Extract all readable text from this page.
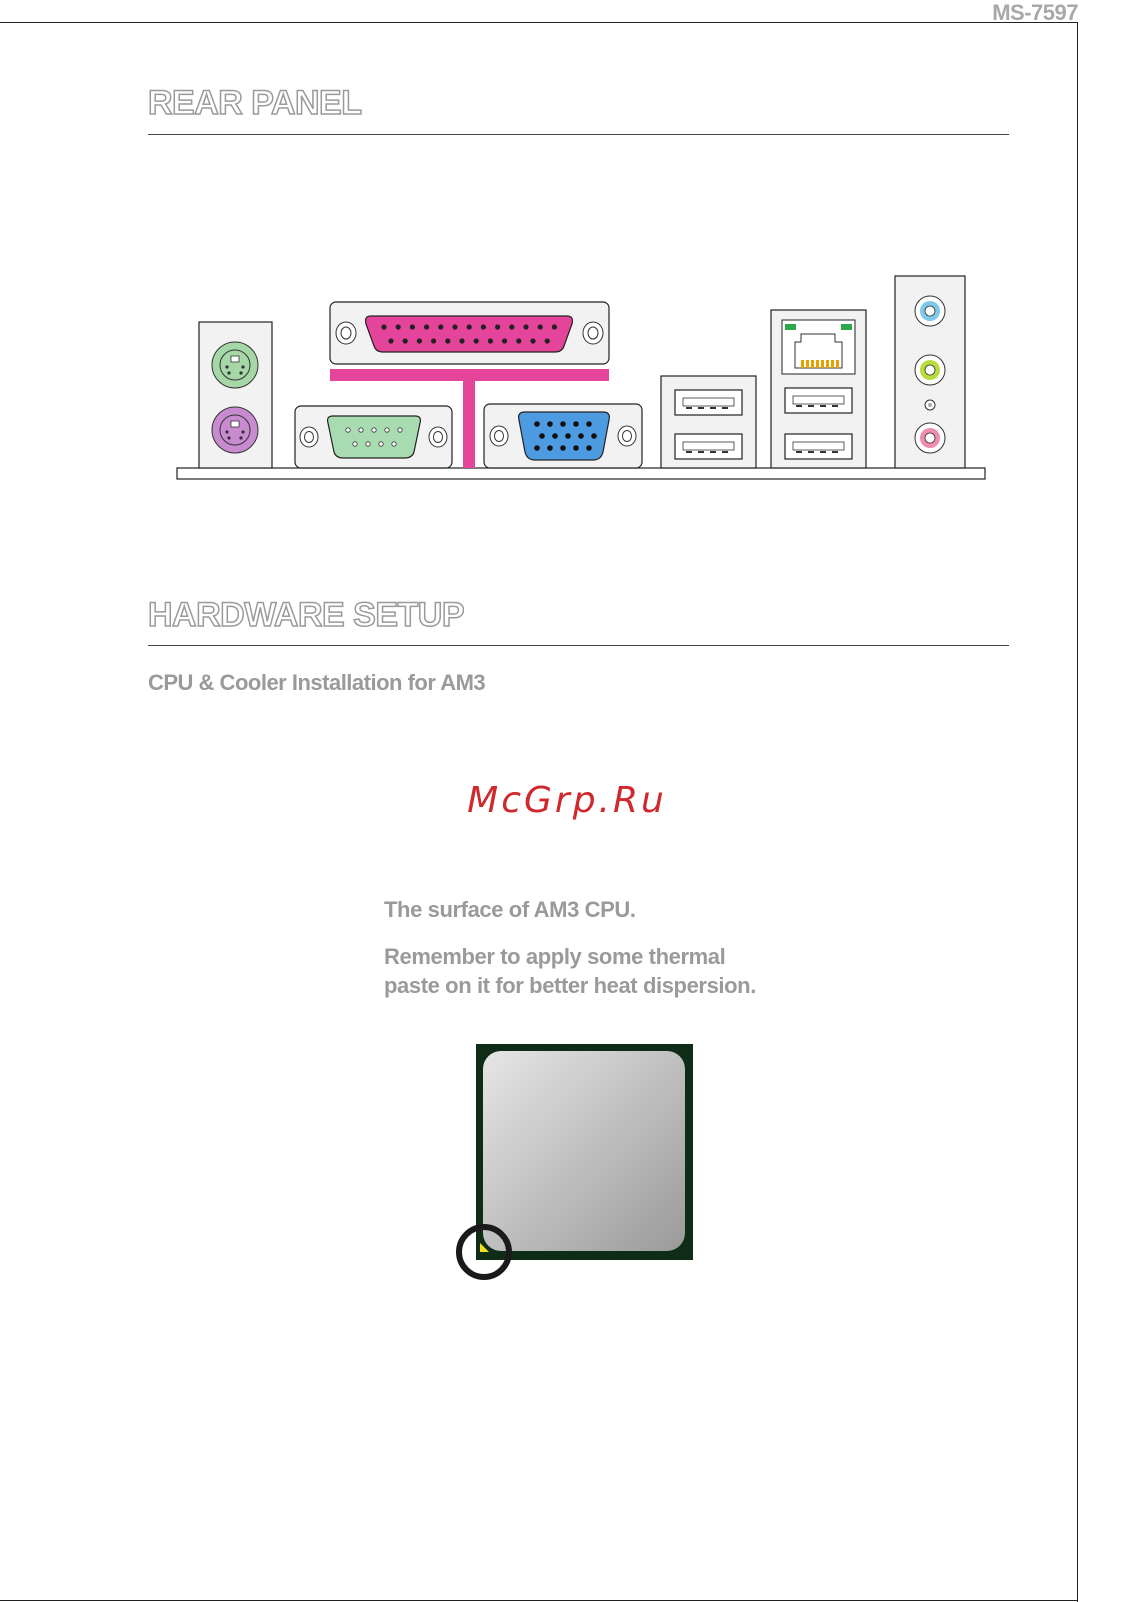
MS-7597
REAR PANEL
HARDWARE SETUP
CPU & Cooler Installation for AM3
McGrp.Ru

The surface of AM3 CPU.

Remember to apply some thermal

paste on it for better heat dispersion.
